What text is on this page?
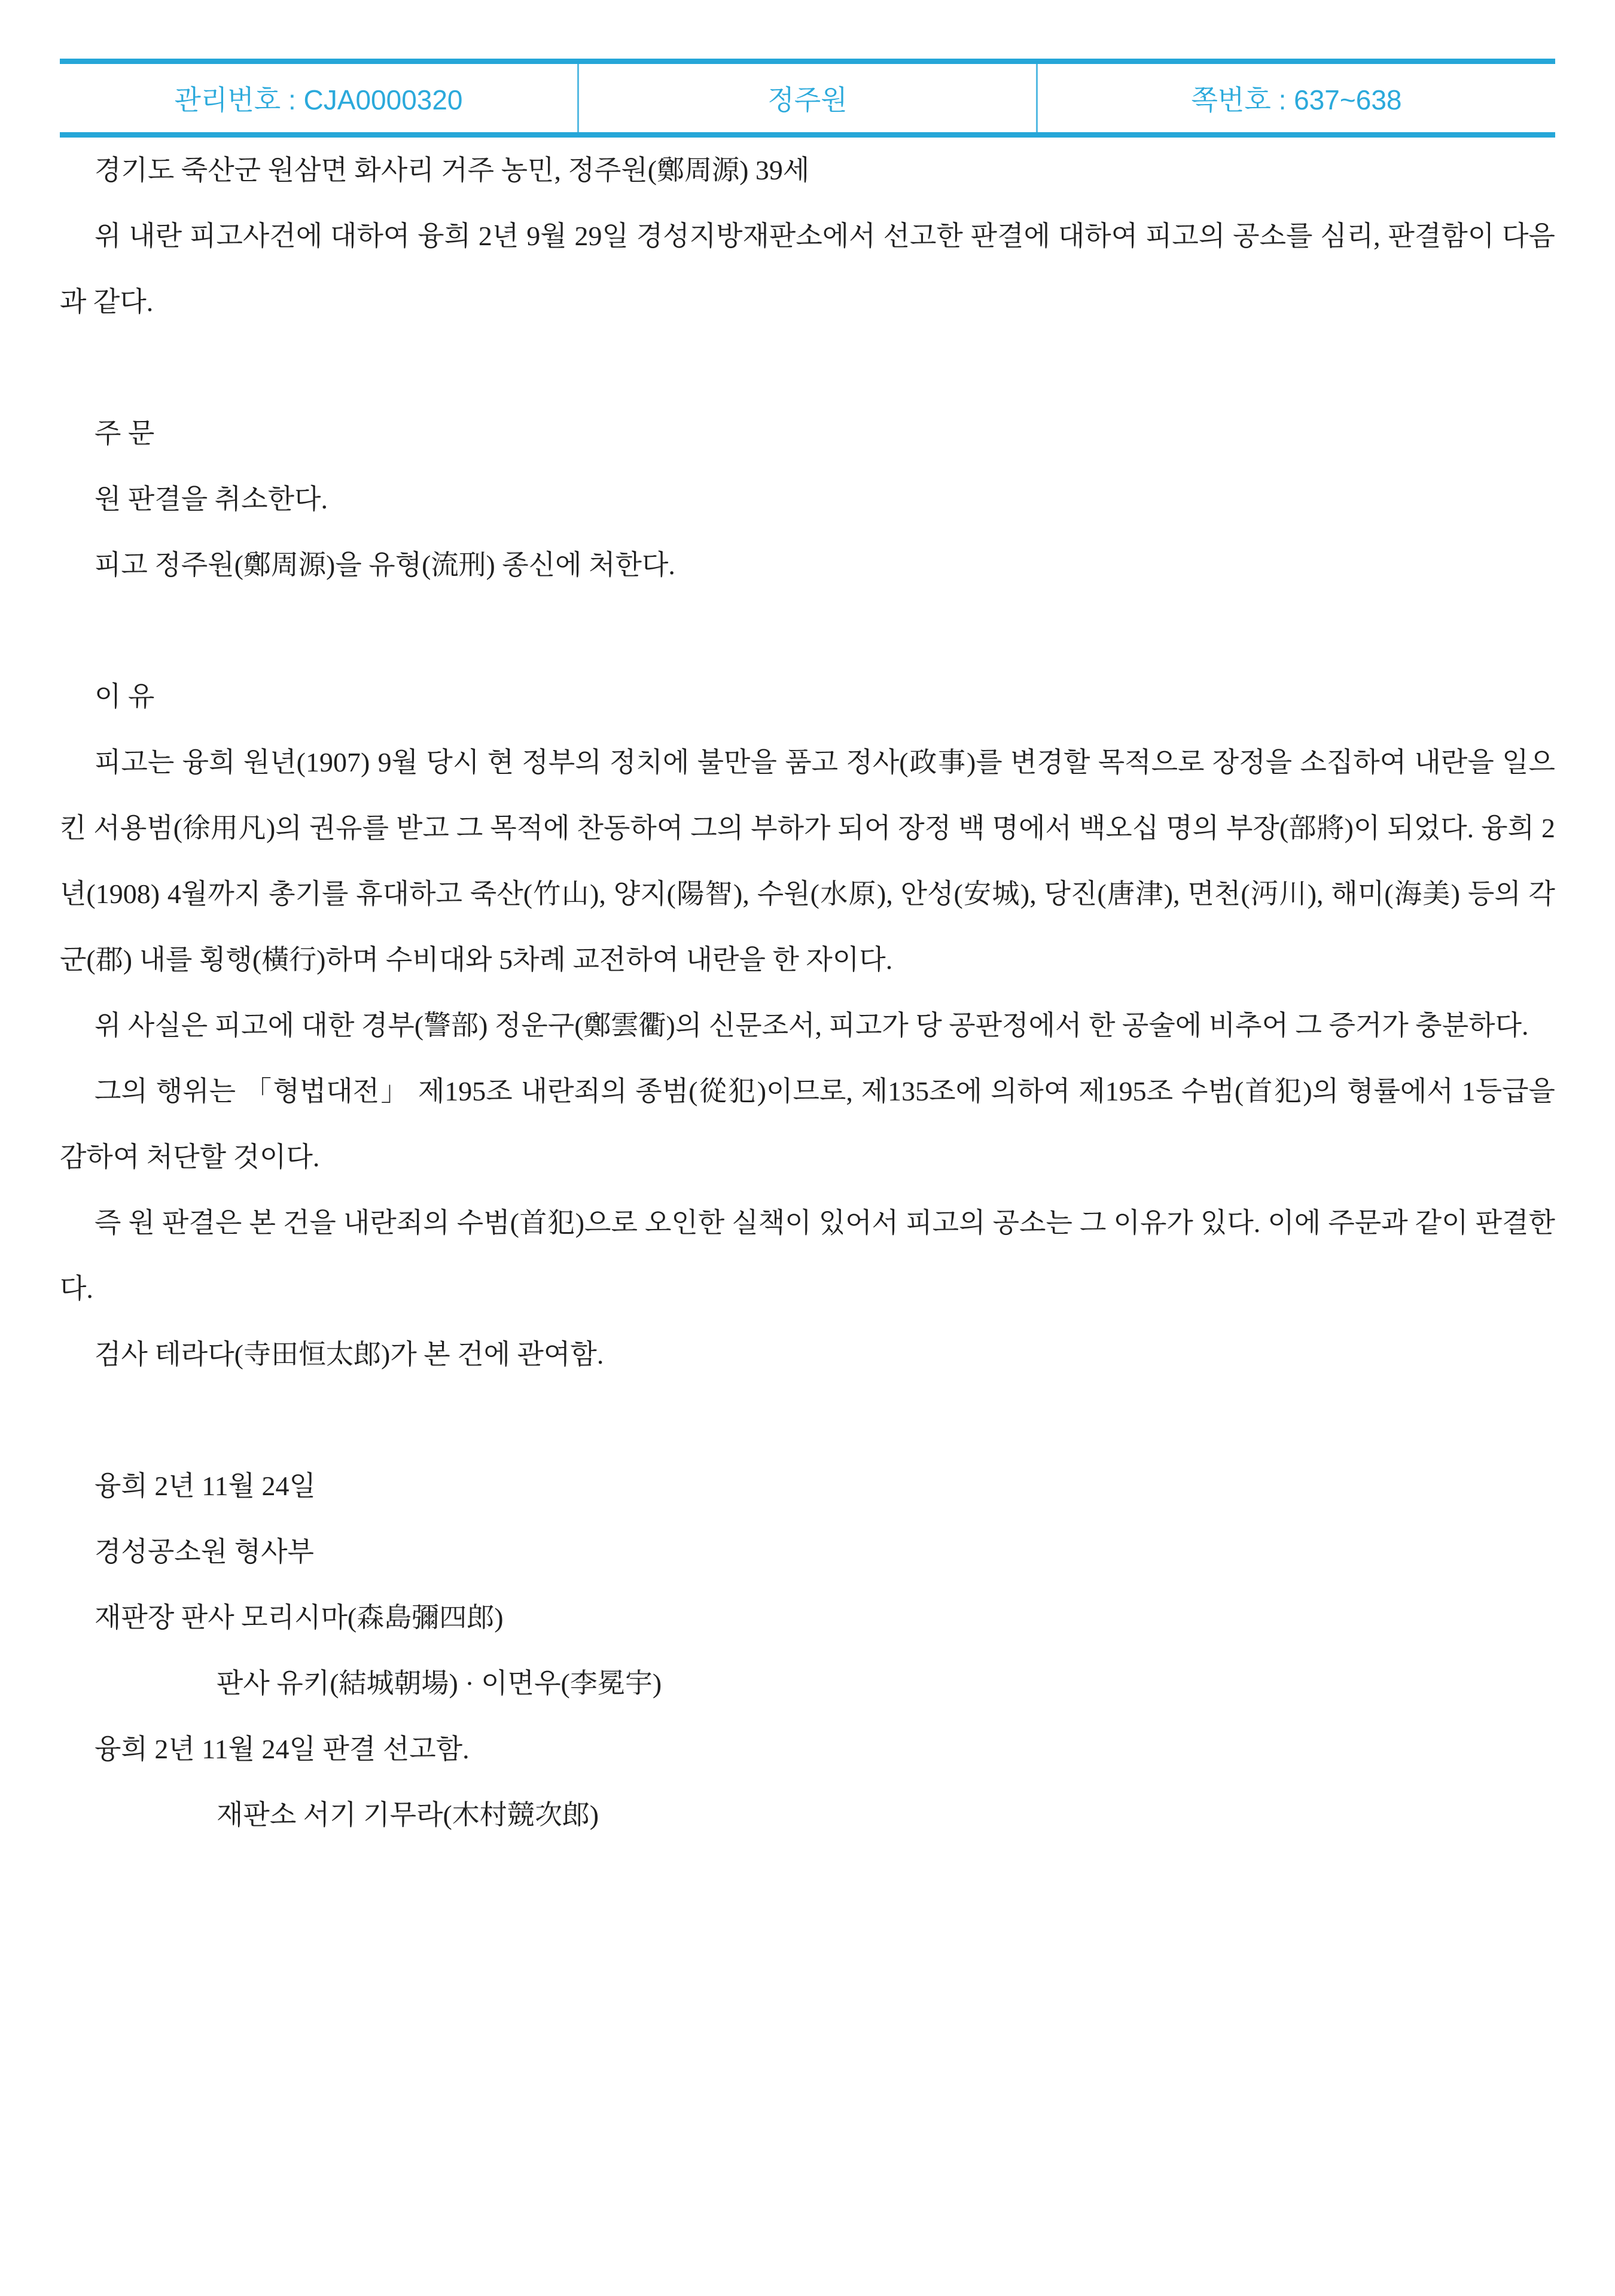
관리번호 : CJA0000320	정주원	쪽번호 : 637~638

경기도 죽산군 원삼면 화사리 거주 농민, 정주원(鄭周源) 39세

위 내란 피고사건에 대하여 융희 2년 9월 29일 경성지방재판소에서 선고한 판결에 대하여 피고의 공소를 심리, 판결함이 다음과 같다.

주 문

원 판결을 취소한다.

피고 정주원(鄭周源)을 유형(流刑) 종신에 처한다.

이 유

피고는 융희 원년(1907) 9월 당시 현 정부의 정치에 불만을 품고 정사(政事)를 변경할 목적으로 장정을 소집하여 내란을 일으킨 서용범(徐用凡)의 권유를 받고 그 목적에 찬동하여 그의 부하가 되어 장정 백 명에서 백오십 명의 부장(部將)이 되었다. 융희 2년(1908) 4월까지 총기를 휴대하고 죽산(竹山), 양지(陽智), 수원(水原), 안성(安城), 당진(唐津), 면천(沔川), 해미(海美) 등의 각 군(郡) 내를 횡행(橫行)하며 수비대와 5차례 교전하여 내란을 한 자이다.

위 사실은 피고에 대한 경부(警部) 정운구(鄭雲衢)의 신문조서, 피고가 당 공판정에서 한 공술에 비추어 그 증거가 충분하다.

그의 행위는 「형법대전」 제195조 내란죄의 종범(從犯)이므로, 제135조에 의하여 제195조 수범(首犯)의 형률에서 1등급을 감하여 처단할 것이다.

즉 원 판결은 본 건을 내란죄의 수범(首犯)으로 오인한 실책이 있어서 피고의 공소는 그 이유가 있다. 이에 주문과 같이 판결한다.

검사 테라다(寺田恒太郎)가 본 건에 관여함.

융희 2년 11월 24일

경성공소원 형사부

재판장 판사 모리시마(森島彌四郎)

판사 유키(結城朝場) · 이면우(李冕宇)

융희 2년 11월 24일 판결 선고함.

재판소 서기 기무라(木村競次郎)
